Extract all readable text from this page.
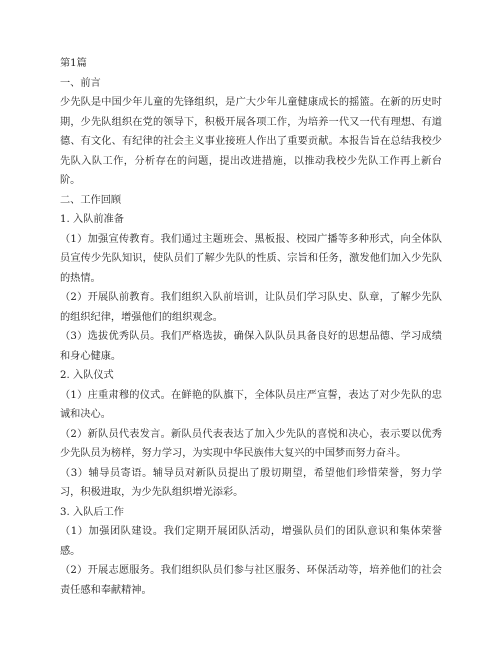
第1篇

一、前言

少先队是中国少年儿童的先锋组织，是广大少年儿童健康成长的摇篮。在新的历史时期，少先队组织在党的领导下，积极开展各项工作，为培养一代又一代有理想、有道德、有文化、有纪律的社会主义事业接班人作出了重要贡献。本报告旨在总结我校少先队入队工作，分析存在的问题，提出改进措施，以推动我校少先队工作再上新台阶。

二、工作回顾

1. 入队前准备

（1）加强宣传教育。我们通过主题班会、黑板报、校园广播等多种形式，向全体队员宣传少先队知识，使队员们了解少先队的性质、宗旨和任务，激发他们加入少先队的热情。

（2）开展队前教育。我们组织入队前培训，让队员们学习队史、队章，了解少先队的组织纪律，增强他们的组织观念。

（3）选拔优秀队员。我们严格选拔，确保入队队员具备良好的思想品德、学习成绩和身心健康。

2. 入队仪式

（1）庄重肃穆的仪式。在鲜艳的队旗下，全体队员庄严宣誓，表达了对少先队的忠诚和决心。

（2）新队员代表发言。新队员代表表达了加入少先队的喜悦和决心，表示要以优秀少先队员为榜样，努力学习，为实现中华民族伟大复兴的中国梦而努力奋斗。

（3）辅导员寄语。辅导员对新队员提出了殷切期望，希望他们珍惜荣誉，努力学习，积极进取，为少先队组织增光添彩。

3. 入队后工作

（1）加强团队建设。我们定期开展团队活动，增强队员们的团队意识和集体荣誉感。

（2）开展志愿服务。我们组织队员们参与社区服务、环保活动等，培养他们的社会责任感和奉献精神。
